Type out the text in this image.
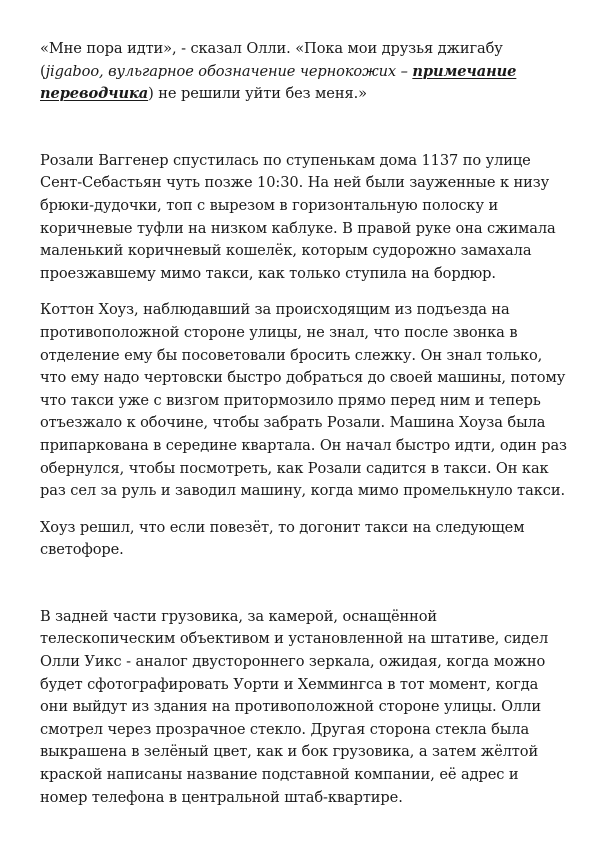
«Мне пора идти», - сказал Олли. «Пока мои друзья джигабу (jigaboo, вульгарное обозначение чернокожих – примечание переводчика) не решили уйти без меня.»

Розали Ваггенер спустилась по ступенькам дома 1137 по улице Сент-Себастьян чуть позже 10:30. На ней были зауженные к низу брюки-дудочки, топ с вырезом в горизонтальную полоску и коричневые туфли на низком каблуке. В правой руке она сжимала маленький коричневый кошелёк, которым судорожно замахала проезжавшему мимо такси, как только ступила на бордюр.

Коттон Хоуз, наблюдавший за происходящим из подъезда на противоположной стороне улицы, не знал, что после звонка в отделение ему бы посоветовали бросить слежку. Он знал только, что ему надо чертовски быстро добраться до своей машины, потому что такси уже с визгом притормозило прямо перед ним и теперь отъезжало к обочине, чтобы забрать Розали. Машина Хоуза была припаркована в середине квартала. Он начал быстро идти, один раз обернулся, чтобы посмотреть, как Розали садится в такси. Он как раз сел за руль и заводил машину, когда мимо промелькнуло такси.

Хоуз решил, что если повезёт, то догонит такси на следующем светофоре.

В задней части грузовика, за камерой, оснащённой телескопическим объективом и установленной на штативе, сидел Олли Уикс - аналог двустороннего зеркала, ожидая, когда можно будет сфотографировать Уорти и Хеммингса в тот момент, когда они выйдут из здания на противоположной стороне улицы. Олли смотрел через прозрачное стекло. Другая сторона стекла была выкрашена в зелёный цвет, как и бок грузовика, а затем жёлтой краской написаны название подставной компании, её адрес и номер телефона в центральной штаб-квартире.
